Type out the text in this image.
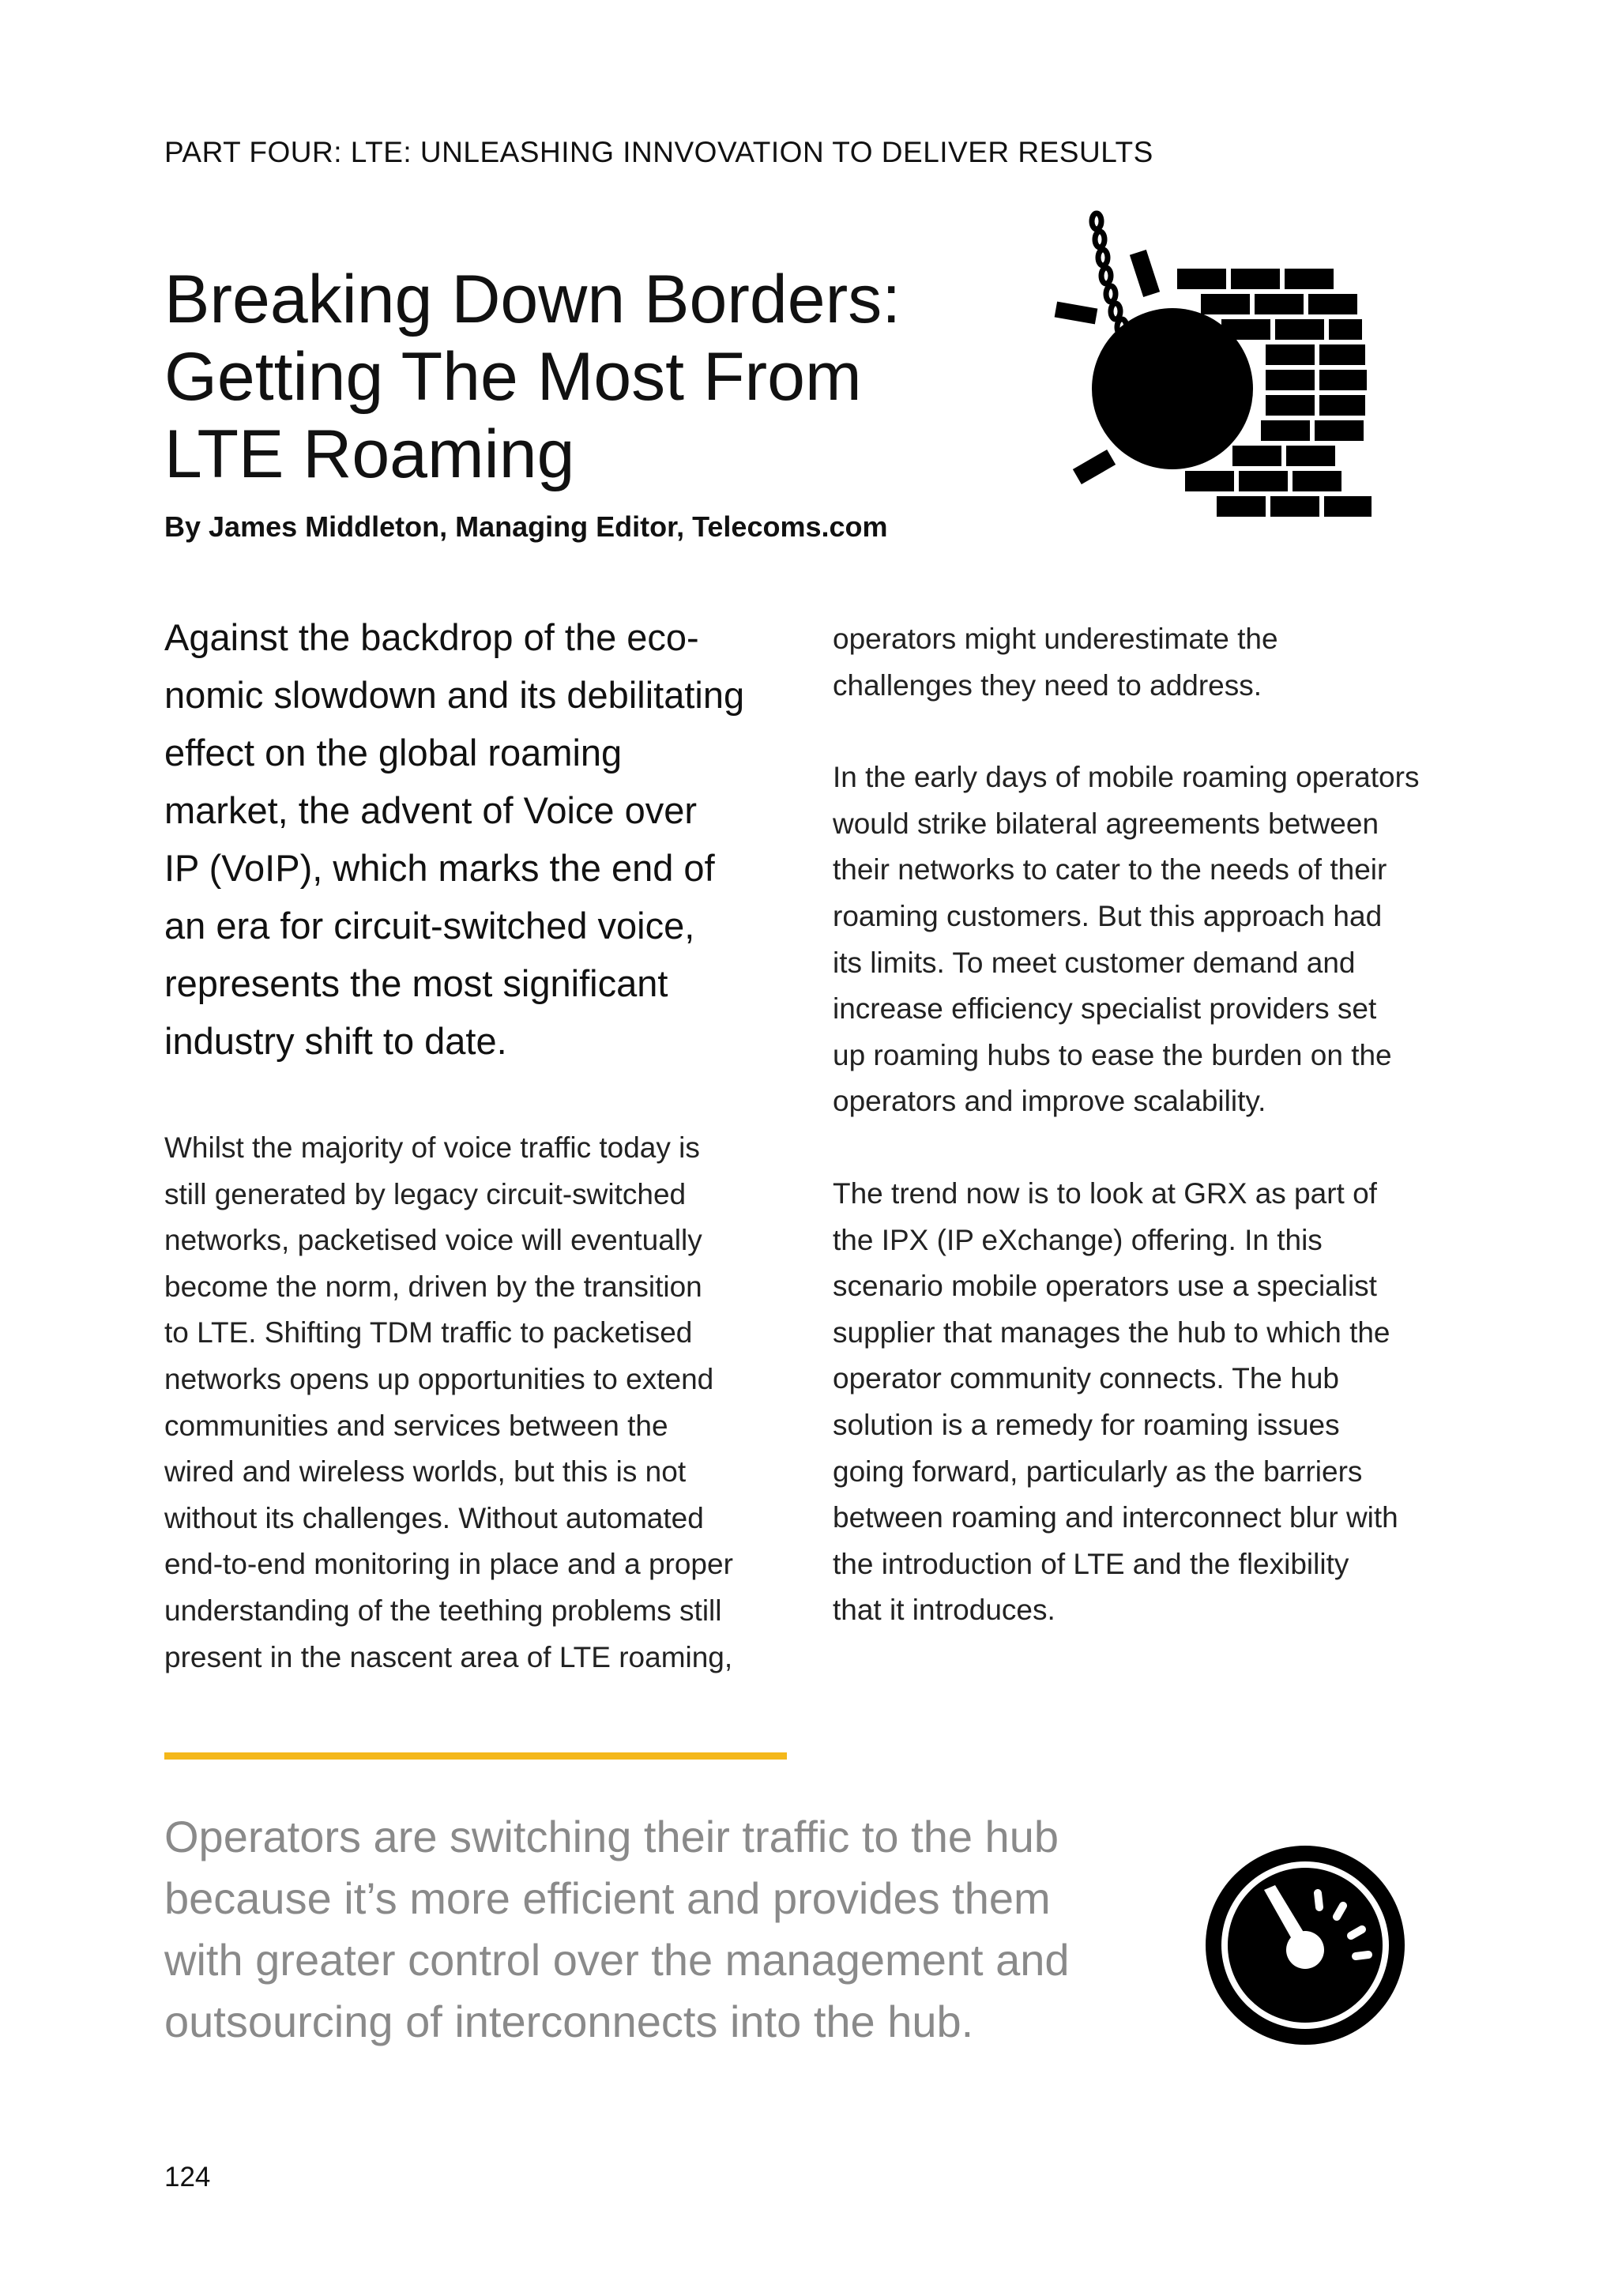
PART FOUR: LTE: UNLEASHING INNVOVATION TO DELIVER RESULTS
Breaking Down Borders:
Getting The Most From
LTE Roaming
By James Middleton, Managing Editor, Telecoms.com
Against the backdrop of the eco-
nomic slowdown and its debilitating
effect on the global roaming
market, the advent of Voice over
IP (VoIP), which marks the end of
an era for circuit-switched voice,
represents the most significant
industry shift to date.
Whilst the majority of voice traffic today is
still generated by legacy circuit-switched
networks, packetised voice will eventually
become the norm, driven by the transition
to LTE. Shifting TDM traffic to packetised
networks opens up opportunities to extend
communities and services between the
wired and wireless worlds, but this is not
without its challenges. Without automated
end-to-end monitoring in place and a proper
understanding of the teething problems still
present in the nascent area of LTE roaming,

operators might underestimate the
challenges they need to address.

In the early days of mobile roaming operators
would strike bilateral agreements between
their networks to cater to the needs of their
roaming customers. But this approach had
its limits. To meet customer demand and
increase efficiency specialist providers set
up roaming hubs to ease the burden on the
operators and improve scalability.

The trend now is to look at GRX as part of
the IPX (IP eXchange) offering. In this
scenario mobile operators use a specialist
supplier that manages the hub to which the
operator community connects. The hub
solution is a remedy for roaming issues
going forward, particularly as the barriers
between roaming and interconnect blur with
the introduction of LTE and the flexibility
that it introduces.

Operators are switching their traffic to the hub
because it’s more efficient and provides them
with greater control over the management and
outsourcing of interconnects into the hub.
124
